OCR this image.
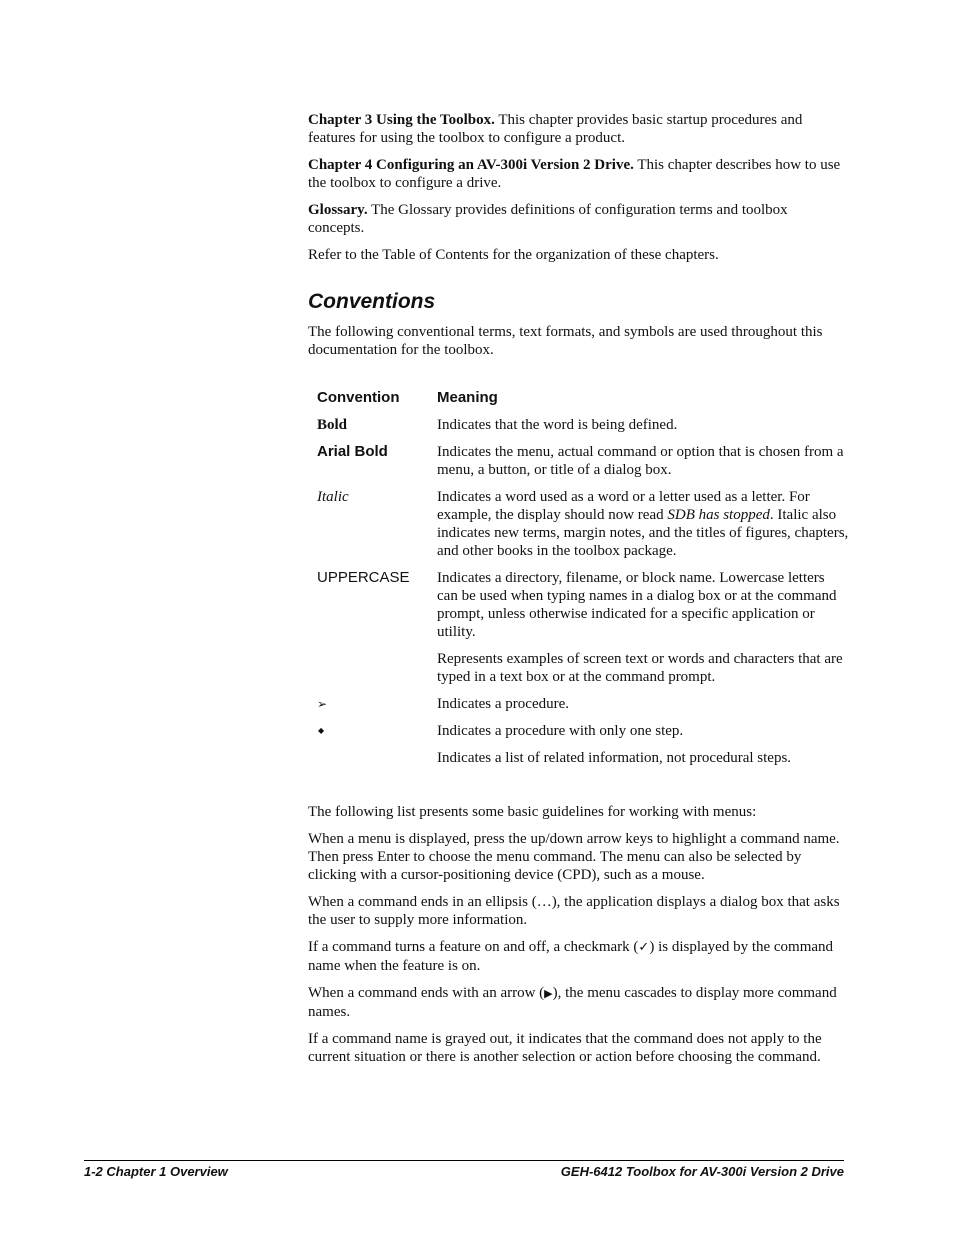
Chapter 3 Using the Toolbox. This chapter provides basic startup procedures and features for using the toolbox to configure a product.

Chapter 4 Configuring an AV-300i Version 2 Drive. This chapter describes how to use the toolbox to configure a drive.

Glossary. The Glossary provides definitions of configuration terms and toolbox concepts.

Refer to the Table of Contents for the organization of these chapters.

Conventions

The following conventional terms, text formats, and symbols are used throughout this documentation for the toolbox.

Convention	Meaning
Bold	Indicates that the word is being defined.
Arial Bold	Indicates the menu, actual command or option that is chosen from a menu, a button, or title of a dialog box.
Italic	Indicates a word used as a word or a letter used as a letter. For example, the display should now read SDB has stopped. Italic also indicates new terms, margin notes, and the titles of figures, chapters, and other books in the toolbox package.
UPPERCASE	Indicates a directory, filename, or block name. Lowercase letters can be used when typing names in a dialog box or at the command prompt, unless otherwise indicated for a specific application or utility.
	Represents examples of screen text or words and characters that are typed in a text box or at the command prompt.
➢	Indicates a procedure.
◆	Indicates a procedure with only one step.
	Indicates a list of related information, not procedural steps.

The following list presents some basic guidelines for working with menus:

When a menu is displayed, press the up/down arrow keys to highlight a command name. Then press Enter to choose the menu command. The menu can also be selected by clicking with a cursor-positioning device (CPD), such as a mouse.

When a command ends in an ellipsis (…), the application displays a dialog box that asks the user to supply more information.

If a command turns a feature on and off, a checkmark (✓) is displayed by the command name when the feature is on.

When a command ends with an arrow (▶), the menu cascades to display more command names.

If a command name is grayed out, it indicates that the command does not apply to the current situation or there is another selection or action before choosing the command.

1-2 Chapter 1 Overview	GEH-6412 Toolbox for AV-300i Version 2 Drive
